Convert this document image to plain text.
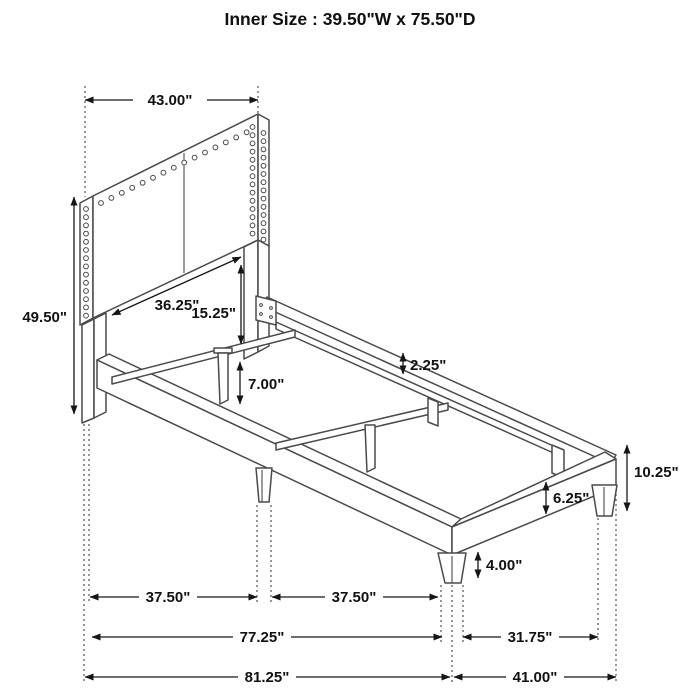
Inner Size : 39.50"W x 75.50"D
43.00"
49.50"
36.25"
15.25"
2.25"
7.00"
10.25"
6.25"
4.00"
37.50"	37.50"
77.25"	31.75"
81.25"	41.00"
